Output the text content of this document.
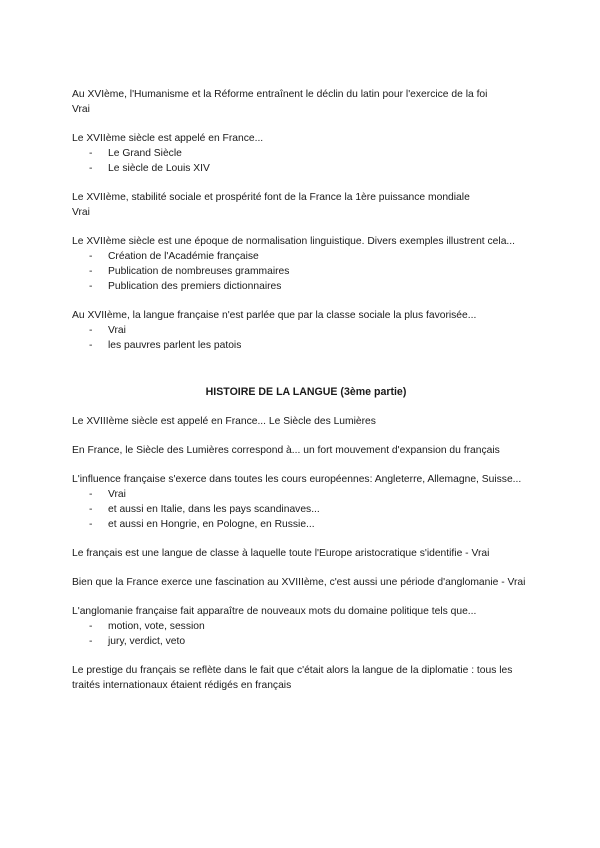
Au XVIème, l'Humanisme et la Réforme entraînent le déclin du latin pour l'exercice de la foi

Vrai

Le XVIIème siècle est appelé en France...

- Le Grand Siècle
- Le siècle de Louis XIV

Le XVIIème, stabilité sociale et prospérité font de la France la 1ère puissance mondiale

Vrai

Le XVIIème siècle est une époque de normalisation linguistique. Divers exemples illustrent cela...

- Création de l'Académie française
- Publication de nombreuses grammaires
- Publication des premiers dictionnaires

Au XVIIème, la langue française n'est parlée que par la classe sociale la plus favorisée...

- Vrai
- les pauvres parlent les patois
HISTOIRE DE LA LANGUE (3ème partie)

Le XVIIIème siècle est appelé en France... Le Siècle des Lumières

En France, le Siècle des Lumières correspond à... un fort mouvement d'expansion du français

L'influence française s'exerce dans toutes les cours européennes: Angleterre, Allemagne, Suisse...

- Vrai
- et aussi en Italie, dans les pays scandinaves...
- et aussi en Hongrie, en Pologne, en Russie...

Le français est une langue de classe à laquelle toute l'Europe aristocratique s'identifie - Vrai

Bien que la France exerce une fascination au XVIIIème, c'est aussi une période d'anglomanie - Vrai

L'anglomanie française fait apparaître de nouveaux mots du domaine politique tels que...

- motion, vote, session
- jury, verdict, veto

Le prestige du français se reflète dans le fait que c'était alors la langue de la diplomatie : tous les traités internationaux étaient rédigés en français
